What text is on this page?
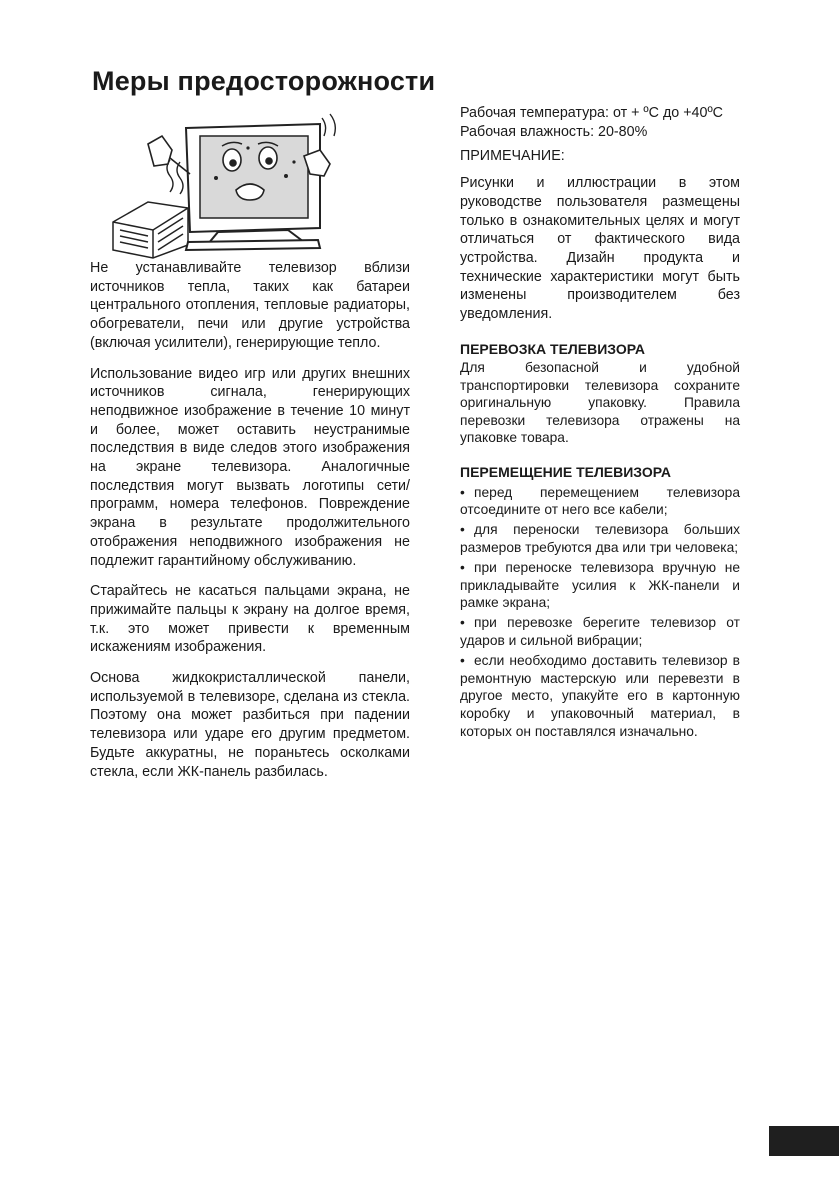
Меры предосторожности

Не устанавливайте телевизор вблизи источников тепла, таких как батареи центрального отопления, тепловые радиаторы, обогреватели, печи или другие устройства (включая усилители), генерирующие тепло.

Использование видео игр или других внешних источников сигнала, генерирующих неподвижное изображение в течение 10 минут и более, может оставить неустранимые последствия в виде следов этого изображения на экране телевизора. Аналогичные последствия могут вызвать логотипы сети/программ, номера телефонов. Повреждение экрана в результате продолжительного отображения неподвижного изображения не подлежит гарантийному обслуживанию.

Старайтесь не касаться пальцами экрана, не прижимайте пальцы к экрану на долгое время, т.к. это может привести к временным искажениям изображения.

Основа жидкокристаллической панели, используемой в телевизоре, сделана из стекла. Поэтому она может разбиться при падении телевизора или ударе его другим предметом. Будьте аккуратны, не пораньтесь осколками стекла, если ЖК-панель разбилась.

Рабочая температура: от + ºС до +40ºС
Рабочая влажность: 20-80%
ПРИМЕЧАНИЕ:

Рисунки и иллюстрации в этом руководстве пользователя размещены только в ознакомительных целях и могут отличаться от фактического вида устройства. Дизайн продукта и технические характеристики могут быть изменены производителем без уведомления.

ПЕРЕВОЗКА ТЕЛЕВИЗОРА

Для безопасной и удобной транспортировки телевизора сохраните оригинальную упаковку. Правила перевозки телевизора отражены на упаковке товара.

ПЕРЕМЕЩЕНИЕ ТЕЛЕВИЗОРА
• перед перемещением телевизора отсоедините от него все кабели;
• для переноски телевизора больших размеров требуются два или три человека;
• при переноске телевизора вручную не прикладывайте усилия к ЖК-панели и рамке экрана;
• при перевозке берегите телевизор от ударов и сильной вибрации;
• если необходимо доставить телевизор в ремонтную мастерскую или перевезти в другое место, упакуйте его в картонную коробку и упаковочный материал, в которых он поставлялся изначально.
